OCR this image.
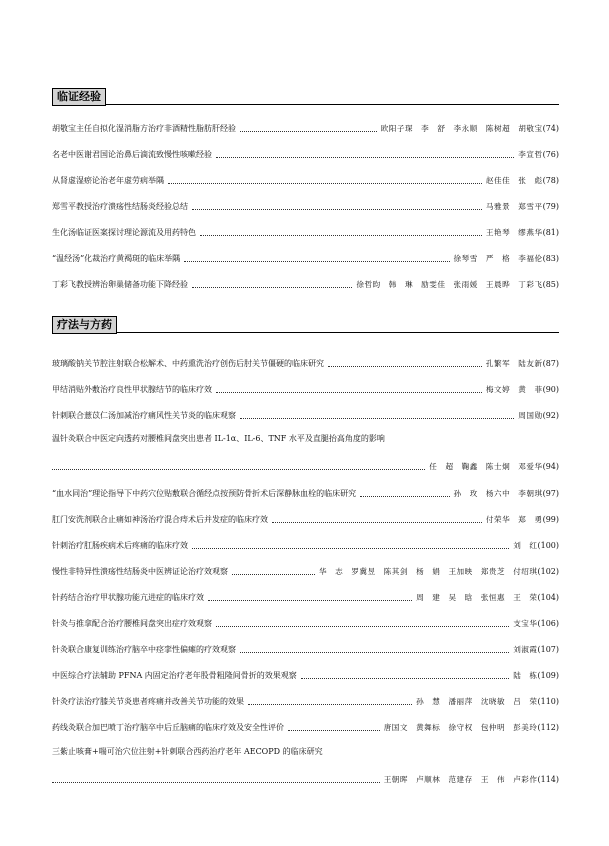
临证经验
胡敬宝主任自拟化湿消脂方治疗非酒精性脂肪肝经验	欧阳子琛　李　舒　李永顺　陈树超　胡敬宝 (74)
名老中医谢君国论治鼻后滴流致慢性咳嗽经验	李宣哲 (76)
从肾虚湿瘀论治老年虚劳病举隅	赵佳佳　张　彪 (78)
郑雪平教授治疗溃疡性结肠炎经验总结	马雅景　郑雪平 (79)
生化汤临证医案探讨理论源流及用药特色	王艳琴　缪燕华 (81)
“温经汤”化裁治疗黄褐斑的临床举隅	徐琴雪　严　格　李福伦 (83)
丁彩飞教授辨治卵巢储备功能下降经验	徐哲昀　韩　琳　励雯佳　张雨媛　王晨晔　丁彩飞 (85)
疗法与方药
玻璃酸钠关节腔注射联合松解术、中药熏洗治疗创伤后肘关节僵硬的临床研究	孔繁军　陆友新 (87)
甲结消贴外敷治疗良性甲状腺结节的临床疗效	梅文婷　黄　菲 (90)
针刺联合薏苡仁汤加减治疗痛风性关节炎的临床观察	周国勋 (92)
温针灸联合中医定向透药对腰椎间盘突出患者 IL-1α、IL-6、TNF 水平及直腿抬高角度的影响
任　超　鞠鑫　陈士炯　邓爱华 (94)
“血水同治”理论指导下中药穴位贴敷联合循经点按预防骨折术后深静脉血栓的临床研究	孙　玫　杨六中　李朝琪 (97)
肛门安洗剂联合止痛如神汤治疗混合痔术后并发症的临床疗效	付荣华　郑　勇 (99)
针刺治疗肛肠疾病术后疼痛的临床疗效	刘　红 (100)
慢性非特异性溃疡性结肠炎中医辨证论治疗效观察	华　志　罗冀昱　陈其剑　杨　娟　王加映　郑贵芝　付绍琪 (102)
针药结合治疗甲状腺功能亢进症的临床疗效	周　建　吴　晗　张恒惠　王　荣 (104)
针灸与推拿配合治疗腰椎间盘突出症疗效观察	支宝华 (106)
针灸联合康复训练治疗脑卒中痉挛性偏瘫的疗效观察	刘淑霞 (107)
中医综合疗法辅助 PFNA 内固定治疗老年股骨粗隆间骨折的效果观察	陆　栋 (109)
针灸疗法治疗膝关节炎患者疼痛并改善关节功能的效果	孙　慧　潘丽萍　沈晓敏　吕　荣 (110)
药线灸联合加巴喷丁治疗脑卒中后丘脑痛的临床疗效及安全性评价	唐国文　黄舞标　徐守权　包仲明　彭美玲 (112)
三紫止咳膏+喘可治穴位注射+针刺联合西药治疗老年 AECOPD 的临床研究
王朝晖　卢顺林　范建存　王　伟　卢彩作 (114)
